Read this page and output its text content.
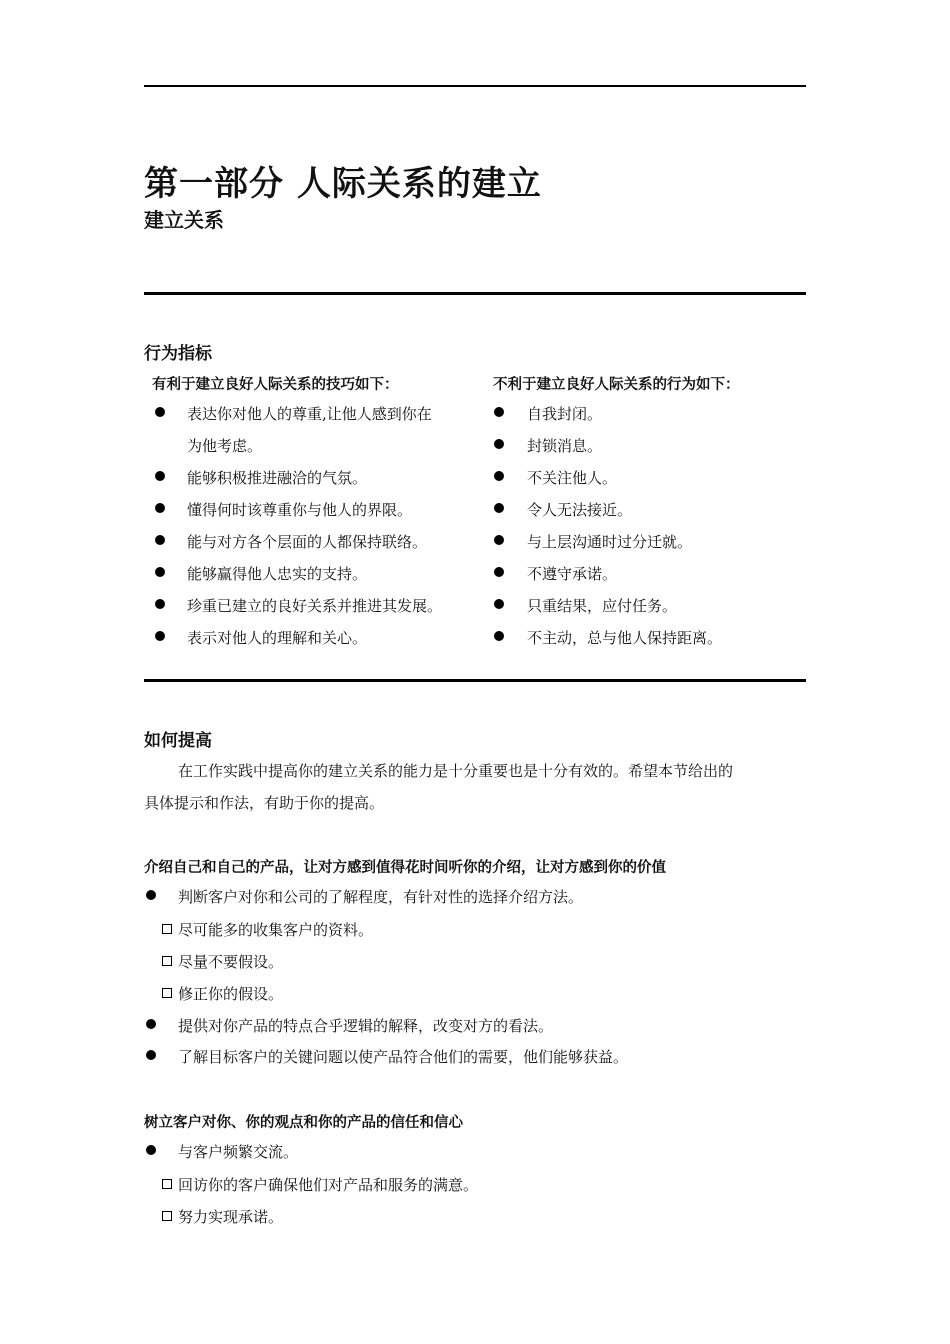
第一部分 人际关系的建立
建立关系
行为指标
有利于建立良好人际关系的技巧如下：
表达你对他人的尊重,让他人感到你在
为他考虑。
能够积极推进融洽的气氛。
懂得何时该尊重你与他人的界限。
能与对方各个层面的人都保持联络。
能够赢得他人忠实的支持。
珍重已建立的良好关系并推进其发展。
表示对他人的理解和关心。
不利于建立良好人际关系的行为如下：
自我封闭。
封锁消息。
不关注他人。
令人无法接近。
与上层沟通时过分迁就。
不遵守承诺。
只重结果，应付任务。
不主动，总与他人保持距离。
如何提高
在工作实践中提高你的建立关系的能力是十分重要也是十分有效的。希望本节给出的
具体提示和作法，有助于你的提高。
介绍自己和自己的产品，让对方感到值得花时间听你的介绍，让对方感到你的价值
判断客户对你和公司的了解程度，有针对性的选择介绍方法。
尽可能多的收集客户的资料。
尽量不要假设。
修正你的假设。
提供对你产品的特点合乎逻辑的解释，改变对方的看法。
了解目标客户的关键问题以使产品符合他们的需要，他们能够获益。
树立客户对你、你的观点和你的产品的信任和信心
与客户频繁交流。
回访你的客户确保他们对产品和服务的满意。
努力实现承诺。
